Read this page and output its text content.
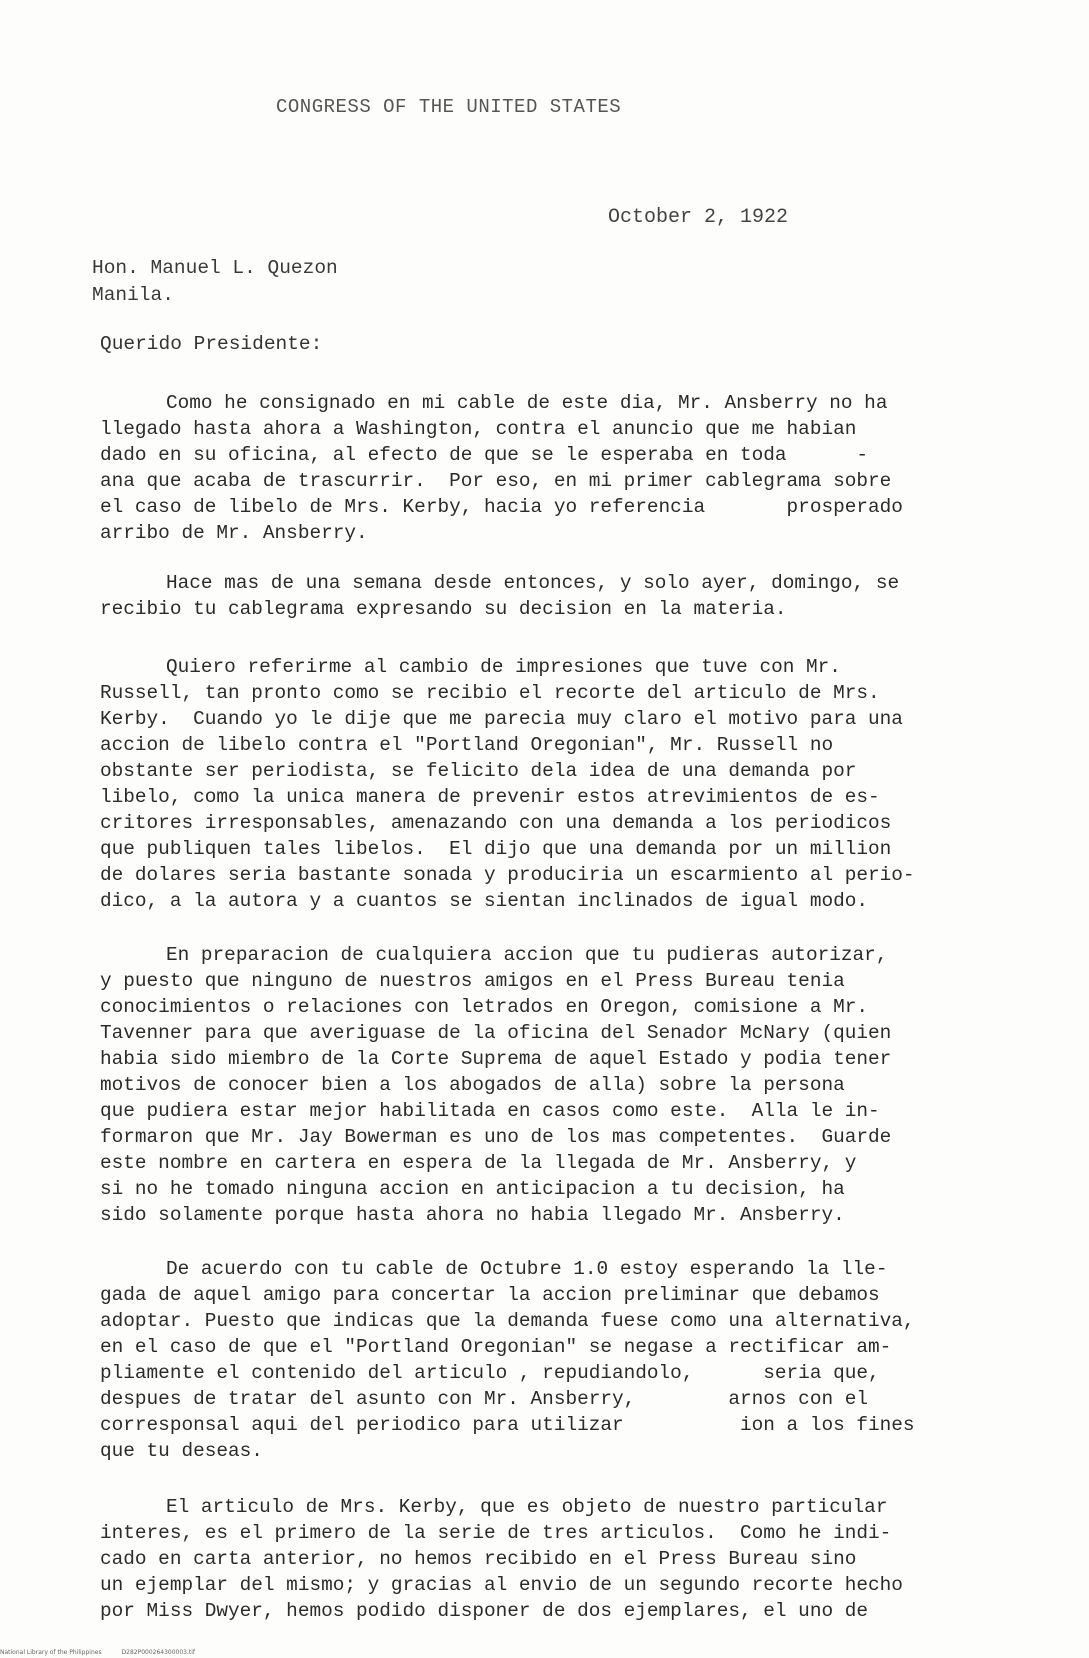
CONGRESS OF THE UNITED STATES
October 2, 1922
Hon. Manuel L. Quezon
Manila.
Querido Presidente:
Como he consignado en mi cable de este dia, Mr. Ansberry no ha
llegado hasta ahora a Washington, contra el anuncio que me habian
dado en su oficina, al efecto de que se le esperaba en toda      -
ana que acaba de trascurrir.  Por eso, en mi primer cablegrama sobre
el caso de libelo de Mrs. Kerby, hacia yo referencia       prosperado
arribo de Mr. Ansberry.
Hace mas de una semana desde entonces, y solo ayer, domingo, se
recibio tu cablegrama expresando su decision en la materia.
Quiero referirme al cambio de impresiones que tuve con Mr.
Russell, tan pronto como se recibio el recorte del articulo de Mrs.
Kerby.  Cuando yo le dije que me parecia muy claro el motivo para una
accion de libelo contra el "Portland Oregonian", Mr. Russell no
obstante ser periodista, se felicito dela idea de una demanda por
libelo, como la unica manera de prevenir estos atrevimientos de es-
critores irresponsables, amenazando con una demanda a los periodicos
que publiquen tales libelos.  El dijo que una demanda por un million
de dolares seria bastante sonada y produciria un escarmiento al perio-
dico, a la autora y a cuantos se sientan inclinados de igual modo.
En preparacion de cualquiera accion que tu pudieras autorizar,
y puesto que ninguno de nuestros amigos en el Press Bureau tenia
conocimientos o relaciones con letrados en Oregon, comisione a Mr.
Tavenner para que averiguase de la oficina del Senador McNary (quien
habia sido miembro de la Corte Suprema de aquel Estado y podia tener
motivos de conocer bien a los abogados de alla) sobre la persona
que pudiera estar mejor habilitada en casos como este.  Alla le in-
formaron que Mr. Jay Bowerman es uno de los mas competentes.  Guarde
este nombre en cartera en espera de la llegada de Mr. Ansberry, y
si no he tomado ninguna accion en anticipacion a tu decision, ha
sido solamente porque hasta ahora no habia llegado Mr. Ansberry.
De acuerdo con tu cable de Octubre 1.0 estoy esperando la lle-
gada de aquel amigo para concertar la accion preliminar que debamos
adoptar. Puesto que indicas que la demanda fuese como una alternativa,
en el caso de que el "Portland Oregonian" se negase a rectificar am-
pliamente el contenido del articulo , repudiandolo,      seria que,
despues de tratar del asunto con Mr. Ansberry,        arnos con el
corresponsal aqui del periodico para utilizar          ion a los fines
que tu deseas.
El articulo de Mrs. Kerby, que es objeto de nuestro particular
interes, es el primero de la serie de tres articulos.  Como he indi-
cado en carta anterior, no hemos recibido en el Press Bureau sino
un ejemplar del mismo; y gracias al envio de un segundo recorte hecho
por Miss Dwyer, hemos podido disponer de dos ejemplares, el uno de
National Library of the Philippines	D282P000264300003.tif
